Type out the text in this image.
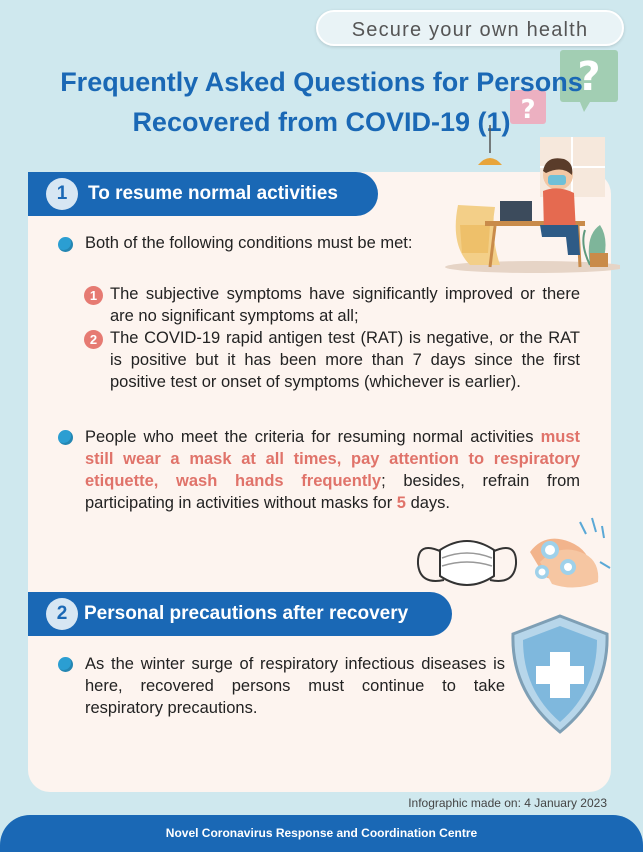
?
?
Secure your own health
Frequently Asked Questions for Persons
Recovered from COVID-19 (1)
1	To resume normal activities
Both of the following conditions must be met:
1 The subjective symptoms have significantly improved or there are no significant symptoms at all;
2 The COVID-19 rapid antigen test (RAT) is negative, or the RAT is positive but it has been more than 7 days since the first positive test or onset of symptoms (whichever is earlier).
People who meet the criteria for resuming normal activities must still wear a mask at all times, pay attention to respiratory etiquette, wash hands frequently; besides, refrain from participating in activities without masks for 5 days.
2 Personal precautions after recovery
As the winter surge of respiratory infectious diseases is here, recovered persons must continue to take respiratory precautions.
Infographic made on: 4 January 2023
Novel Coronavirus Response and Coordination Centre
